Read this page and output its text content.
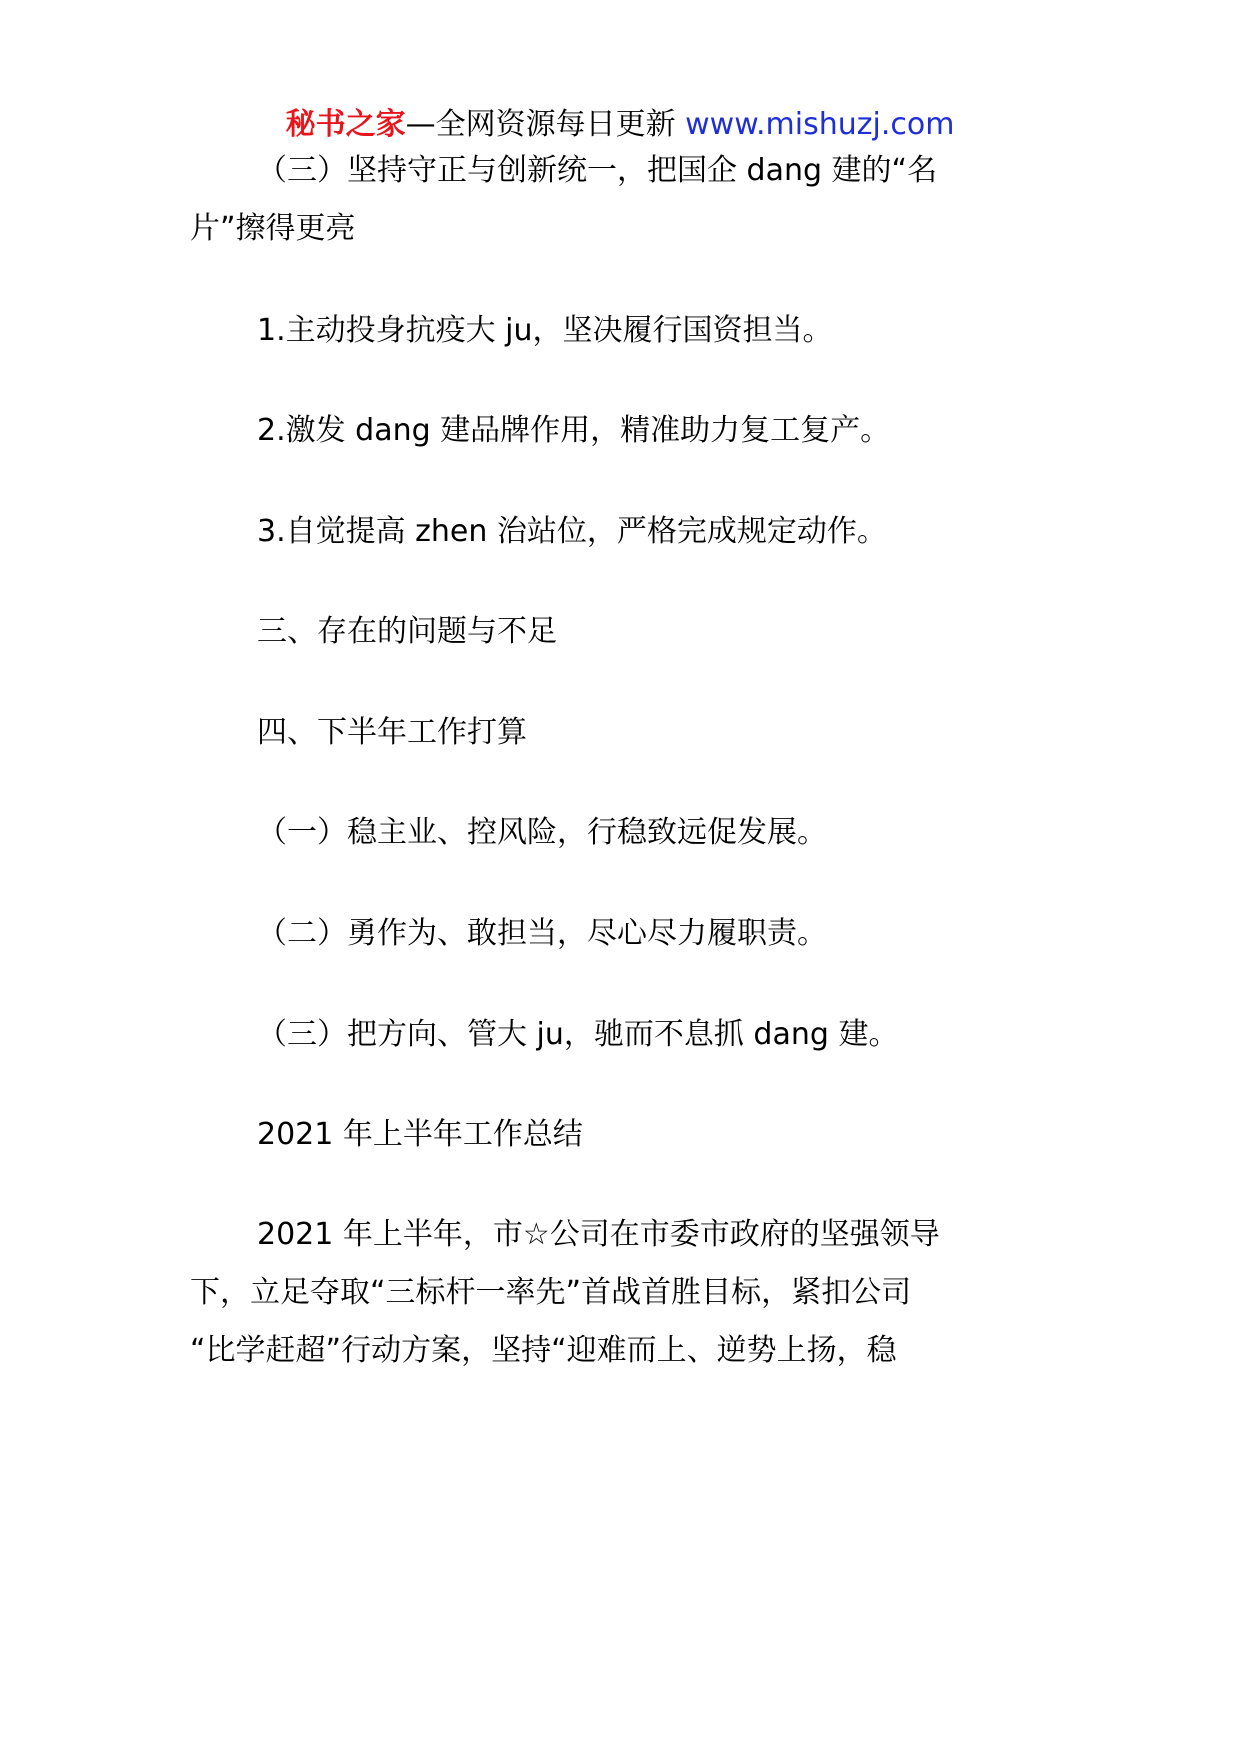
秘书之家—全网资源每日更新 www.mishuzj.com

（三）坚持守正与创新统一，把国企 dang 建的“名

片”擦得更亮

1.主动投身抗疫大 ju，坚决履行国资担当。

2.激发 dang 建品牌作用，精准助力复工复产。

3.自觉提高 zhen 治站位，严格完成规定动作。

三、存在的问题与不足

四、下半年工作打算

（一）稳主业、控风险，行稳致远促发展。

（二）勇作为、敢担当，尽心尽力履职责。

（三）把方向、管大 ju，驰而不息抓 dang 建。

2021 年上半年工作总结

2021 年上半年，市☆公司在市委市政府的坚强领导

下，立足夺取“三标杆一率先”首战首胜目标，紧扣公司

“比学赶超”行动方案，坚持“迎难而上、逆势上扬，稳
